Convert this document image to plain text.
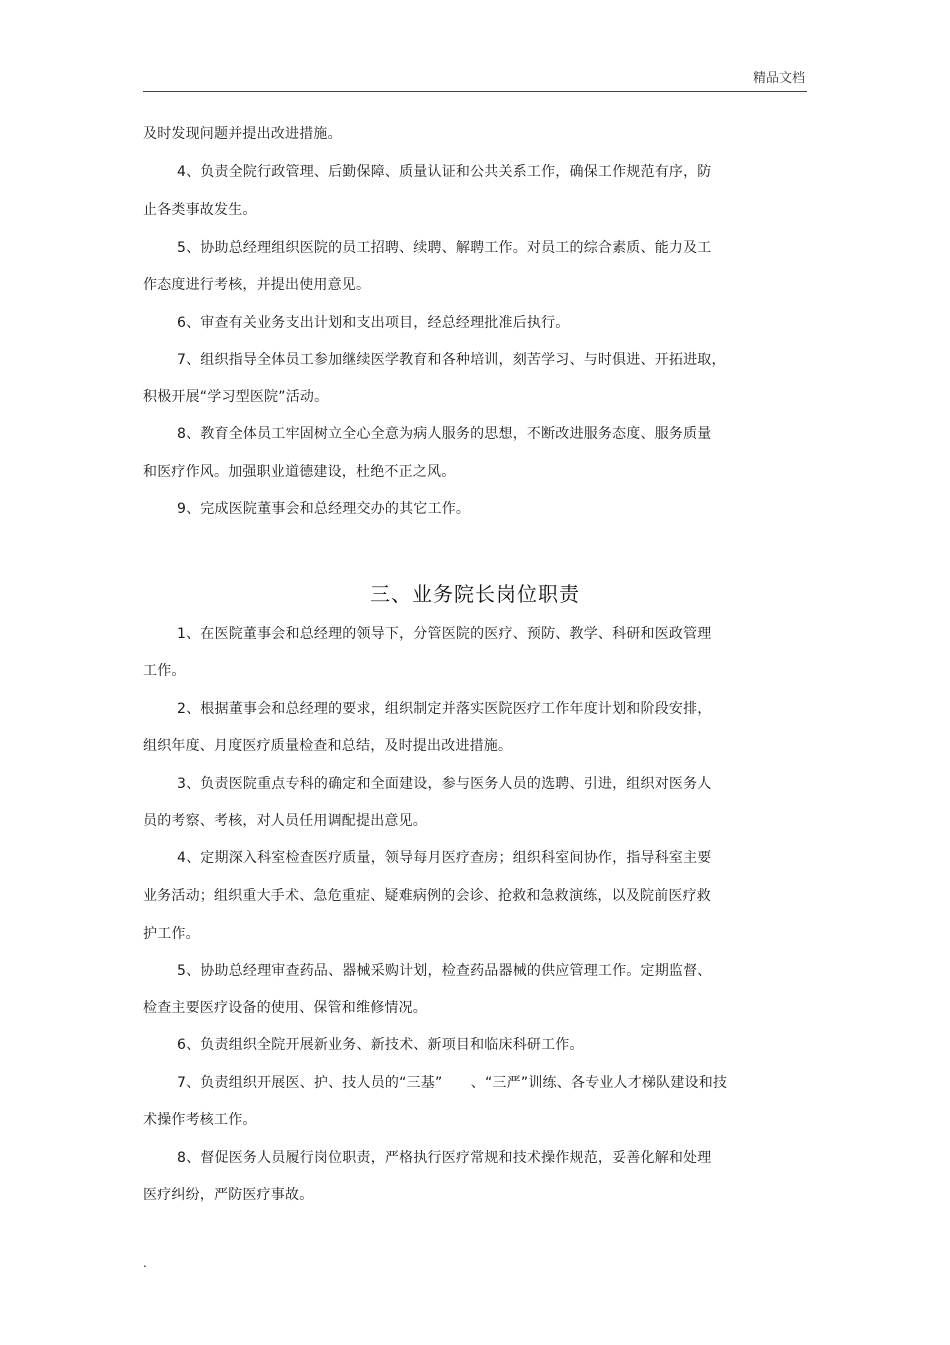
精品文档
及时发现问题并提出改进措施。
4、负责全院行政管理、后勤保障、质量认证和公共关系工作，确保工作规范有序，防
止各类事故发生。
5、协助总经理组织医院的员工招聘、续聘、解聘工作。对员工的综合素质、能力及工
作态度进行考核，并提出使用意见。
6、审查有关业务支出计划和支出项目，经总经理批准后执行。
7、组织指导全体员工参加继续医学教育和各种培训，刻苦学习、与时俱进、开拓进取，
积极开展“学习型医院”活动。
8、教育全体员工牢固树立全心全意为病人服务的思想，不断改进服务态度、服务质量
和医疗作风。加强职业道德建设，杜绝不正之风。
9、完成医院董事会和总经理交办的其它工作。
三、业务院长岗位职责
1、在医院董事会和总经理的领导下，分管医院的医疗、预防、教学、科研和医政管理
工作。
2、根据董事会和总经理的要求，组织制定并落实医院医疗工作年度计划和阶段安排，
组织年度、月度医疗质量检查和总结，及时提出改进措施。
3、负责医院重点专科的确定和全面建设，参与医务人员的选聘、引进，组织对医务人
员的考察、考核，对人员任用调配提出意见。
4、定期深入科室检查医疗质量，领导每月医疗查房；组织科室间协作，指导科室主要
业务活动；组织重大手术、急危重症、疑难病例的会诊、抢救和急救演练，以及院前医疗救
护工作。
5、协助总经理审查药品、器械采购计划，检查药品器械的供应管理工作。定期监督、
检查主要医疗设备的使用、保管和维修情况。
6、负责组织全院开展新业务、新技术、新项目和临床科研工作。
7、负责组织开展医、护、技人员的“三基”　　、“三严”训练、各专业人才梯队建设和技
术操作考核工作。
8、督促医务人员履行岗位职责，严格执行医疗常规和技术操作规范，妥善化解和处理
医疗纠纷，严防医疗事故。
.
